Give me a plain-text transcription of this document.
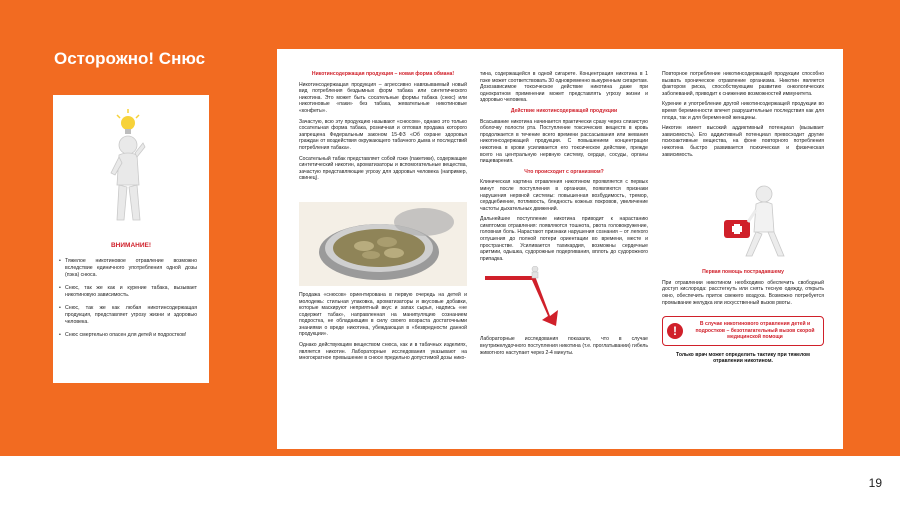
Осторожно! Снюс
ВНИМАНИЕ!
• Тяжелое никотиновое отравление возможно вследствие единичного употребления одной дозы (пэка) снюса.
• Снюс, так же как и курение табака, вызывает никотиновую зависимость.
• Снюс, так же как любая никотинсодержащая продукция, представляет угрозу жизни и здоровью человека.
• Снюс смертельно опасен для детей и подростков!

Никотинсодержащая продукция – новая форма обмана!

Никотинсодержащая продукция – агрессивно навязываемый новый вид потребления бездымных форм табака или синтетического никотина. Это может быть сосательные формы табака (снюс) или никотиновые «паки» без табака, жевательные никотиновые «конфеты».

Зачастую, всю эту продукцию называют «снюсом», однако это только сосательная форма табака, розничная и оптовая продажа которого запрещена Федеральным законом 15-ФЗ «Об охране здоровья граждан от воздействия окружающего табачного дыма и последствий потребления табака».

Сосательный табак представляет собой пэки (пакетики), содержащие синтетический никотин, ароматизаторы и вспомогательные вещества, зачастую представляющие угрозу для здоровья человека (например, свинец).

Продажа «снюсов» ориентирована в первую очередь на детей и молодежь: стильная упаковка, ароматизаторы и вкусовые добавки, которые маскируют неприятный вкус и запах сырья, надпись «не содержит табак», направленная на манипуляцию сознанием подростка, не обладающим в силу своего возраста достаточными знаниями о вреде никотина, убеждающая в «безвредности данной продукции».

Однако действующим веществом снюса, как и в табачных изделиях, является никотин. Лабораторные исследования указывают на многократное превышение в снюсе предельно допустимой дозы нико-

тина, содержащейся в одной сигарете. Концентрация никотина в 1 пэке может соответствовать 30 одновременно выкуренным сигаретам. Дозозависимое токсическое действие никотина даже при однократном применении может представлять угрозу жизни и здоровью человека.

Действие никотинсодержащей продукции

Всасывание никотина начинается практически сразу через слизистую оболочку полости рта. Поступление токсических веществ в кровь продолжается в течение всего времени рассасывания или жевания никотинсодержащей продукции. С повышением концентрации никотина в крови усиливается его токсическое действие, прежде всего на центральную нервную систему, сердце, сосуды, органы пищеварения.

Что происходит с организмом?

Клиническая картина отравления никотином проявляется с первых минут после поступления в организм, появляются признаки нарушения нервной системы: повышенная возбудимость, тремор, сердцебиение, потливость, бледность кожных покровов, увеличение частоты дыхательных движений.

Дальнейшее поступление никотина приводит к нарастанию симптомов отравления: появляются тошнота, рвота головокружение, головная боль. Нарастают признаки нарушения сознания – от легкого оглушения до полной потери ориентации во времени, месте и пространстве. Усиливается тахикардия, возможны сердечные аритмии, одышка, судорожные подергивания, вплоть до судорожного припадка.

Лабораторные исследования показали, что в случае внутрижелудочного поступления никотина (т.е. проглатывании) гибель животного наступает через 2-4 минуты.

Повторное потребление никотинсодержащей продукции способно вызвать хроническое отравление организма. Никотин является фактором риска, способствующим развитию онкологических заболеваний, приводит к снижению возможностей иммунитета.

Курение и употребление другой никотинсодержащей продукции во время беременности влечет разрушительные последствия как для плода, так и для беременной женщины.

Никотин имеет высокий аддиктивный потенциал (вызывает зависимость). Его аддиктивный потенциал превосходит другие психоактивные вещества, на фоне повторного потребления никотина быстро развивается психическая и физическая зависимость.

Первая помощь пострадавшему

При отравлении никотином необходимо обеспечить свободный доступ кислорода: расстегнуть или снять тесную одежду, открыть окно, обеспечить приток свежего воздуха. Возможно потребуется промывание желудка или искусственный вызов рвоты.

!	В случае никотинового отравления детей и подростков – безотлагательный вызов скорой медицинской помощи

Только врач может определить тактику при тяжелом отравлении никотином.

19
